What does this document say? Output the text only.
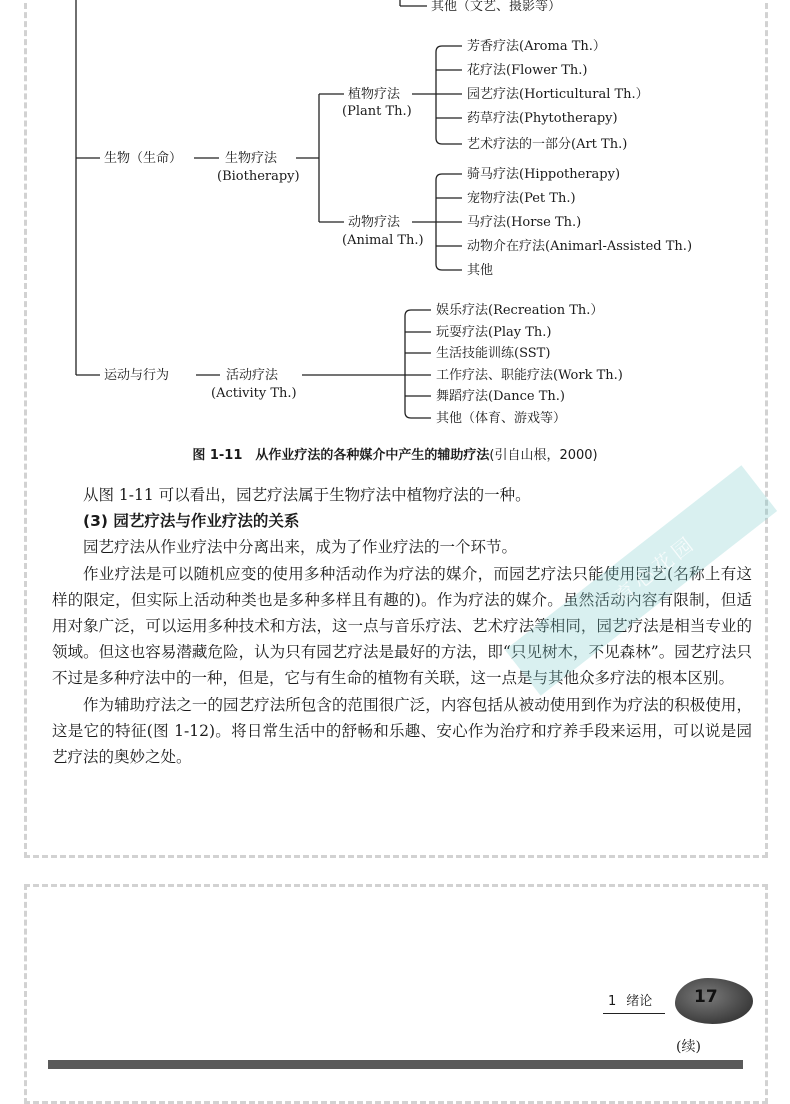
其他（文艺、摄影等）
生物（生命）	生物疗法
(Biotherapy)
植物疗法
(Plant Th.)
芳香疗法(Aroma Th.）
花疗法(Flower Th.)
园艺疗法(Horticultural Th.）
药草疗法(Phytotherapy)
艺术疗法的一部分(Art Th.)
动物疗法
(Animal Th.)
骑马疗法(Hippotherapy)
宠物疗法(Pet Th.)
马疗法(Horse Th.)
动物介在疗法(Animarl-Assisted Th.)
其他
运动与行为	活动疗法
(Activity Th.)
娱乐疗法(Recreation Th.）
玩耍疗法(Play Th.)
生活技能训练(SST)
工作疗法、职能疗法(Work Th.)
舞蹈疗法(Dance Th.)
其他（体育、游戏等）
图 1-11　从作业疗法的各种媒介中产生的辅助疗法(引自山根，2000)

从图 1-11 可以看出，园艺疗法属于生物疗法中植物疗法的一种。

(3) 园艺疗法与作业疗法的关系

园艺疗法从作业疗法中分离出来，成为了作业疗法的一个环节。

作业疗法是可以随机应变的使用多种活动作为疗法的媒介，而园艺疗法只能使用园艺(名称上有这样的限定，但实际上活动种类也是多种多样且有趣的)。作为疗法的媒介。虽然活动内容有限制，但适用对象广泛，可以运用多种技术和方法，这一点与音乐疗法、艺术疗法等相同，园艺疗法是相当专业的领域。但这也容易潜藏危险，认为只有园艺疗法是最好的方法，即“只见树木，不见森林”。园艺疗法只不过是多种疗法中的一种，但是，它与有生命的植物有关联，这一点是与其他众多疗法的根本区别。

作为辅助疗法之一的园艺疗法所包含的范围很广泛，内容包括从被动使用到作为疗法的积极使用，这是它的特征(图 1-12)。将日常生活中的舒畅和乐趣、安心作为治疗和疗养手段来运用，可以说是园艺疗法的奥妙之处。

育心花园
1 绪论 17
(续)
